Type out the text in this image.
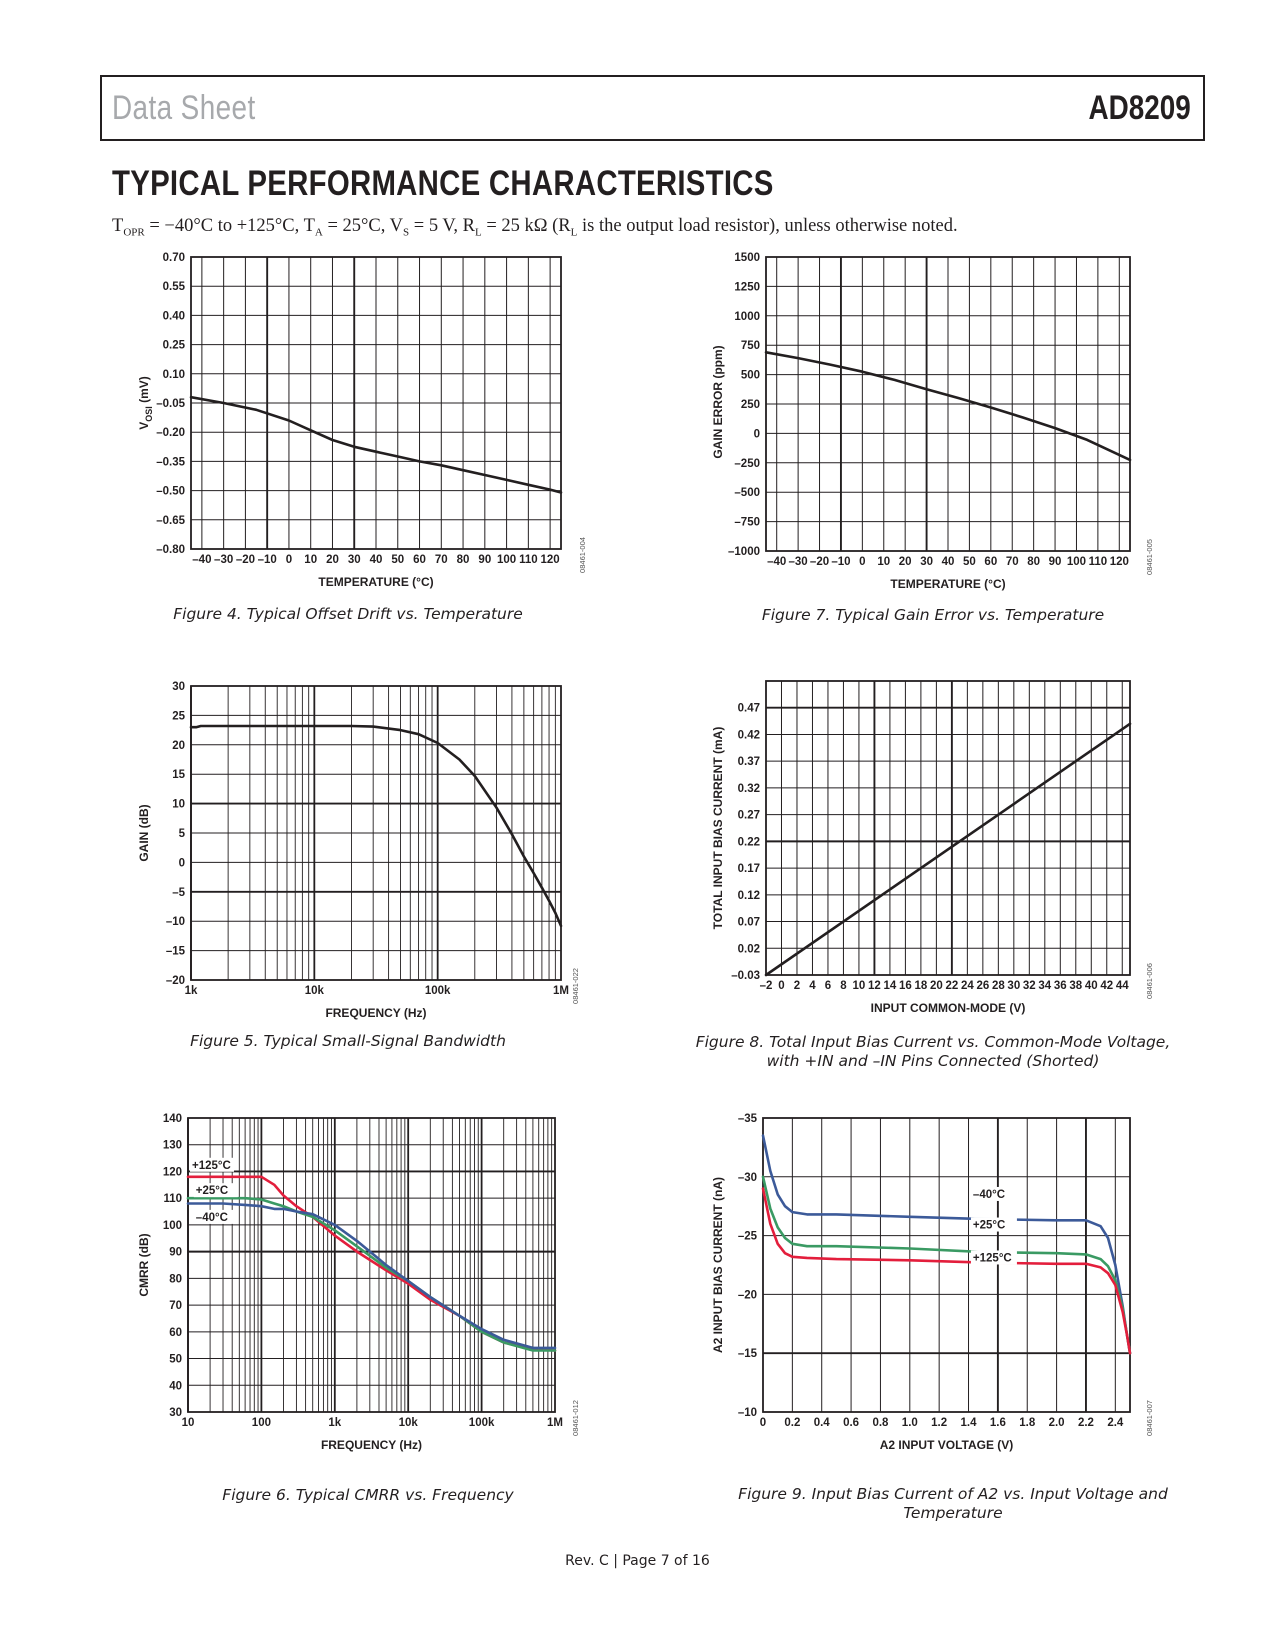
Data Sheet	AD8209
TYPICAL PERFORMANCE CHARACTERISTICS
$T_{OPR} = -40^\circ C$ to +125°C, $T_A = 25^\circ C$, $V_S = 5$ V, $R_L = 25$ kΩ ($R_L$ is the output load resistor), unless otherwise noted.
0.70
0.55
0.40
0.25
0.10
–0.05
–0.20
–0.35
–0.50
–0.65
–0.80
–40 –30 –20 –10 0 10 20 30 40 50 60 70 80 90 100 110 120
TEMPERATURE (°C)
$V_{OSI}$ (mV)
08461-004
1500
1250
1000
750
500
250
0
–250
–500
–750
–1000
–40 –30 –20 –10 0 10 20 30 40 50 60 70 80 90 100 110 120
TEMPERATURE (°C)
GAIN ERROR (ppm)
08461-005
30
25
20
15
10
5
0
–5
–10
–15
–20
1k	10k	100k	1M
FREQUENCY (Hz)
GAIN (dB)
08461-022
0.47
0.42
0.37
0.32
0.27
0.22
0.17
0.12
0.07
0.02
–0.03
–2 0 2 4 6 8 10 12 14 16 18 20 22 24 26 28 30 32 34 36 38 40 42 44
INPUT COMMON-MODE (V)
TOTAL INPUT BIAS CURRENT (mA)
08461-006
140
130
120
110
100
90
80
70
60
50
40
30
10	100	1k	10k	100k	1M
FREQUENCY (Hz)
CMRR (dB)
08461-012
+125°C
+25°C
–40°C
–35
–30
–25
–20
–15
–10
0 0.2 0.4 0.6 0.8 1.0 1.2 1.4 1.6 1.8 2.0 2.2 2.4
A2 INPUT VOLTAGE (V)
A2 INPUT BIAS CURRENT (nA)
08461-007
–40°C
+25°C
+125°C
Figure 4. Typical Offset Drift vs. Temperature	Figure 7. Typical Gain Error vs. Temperature
Figure 5. Typical Small-Signal Bandwidth	Figure 8. Total Input Bias Current vs. Common-Mode Voltage,
with +IN and –IN Pins Connected (Shorted)
Figure 6. Typical CMRR vs. Frequency	Figure 9. Input Bias Current of A2 vs. Input Voltage and Temperature
Rev. C | Page 7 of 16
